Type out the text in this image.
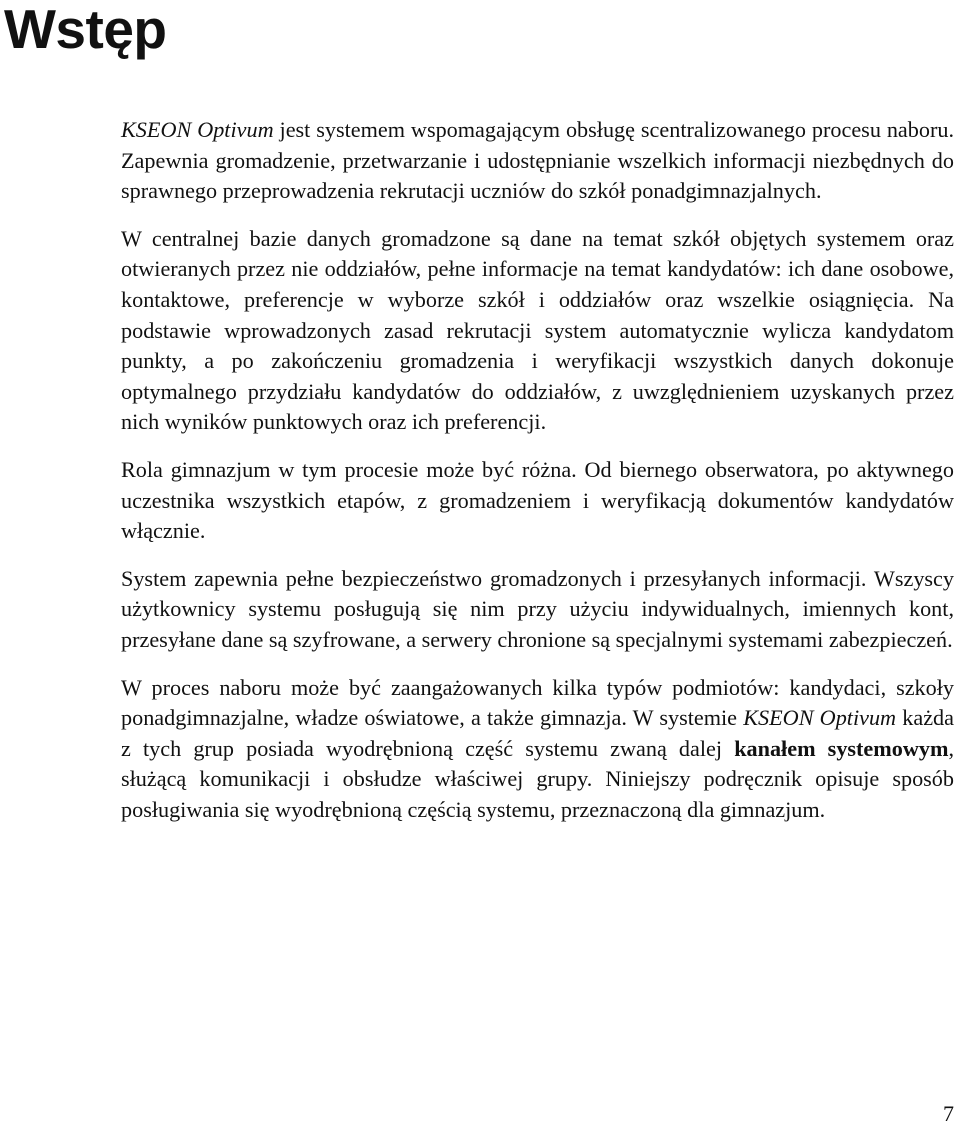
Wstęp

KSEON Optivum jest systemem wspomagającym obsługę scentralizowanego procesu naboru. Zapewnia gromadzenie, przetwarzanie i udostępnianie wszelkich informacji niezbędnych do sprawnego przeprowadzenia rekrutacji uczniów do szkół ponadgimnazjalnych.

W centralnej bazie danych gromadzone są dane na temat szkół objętych systemem oraz otwieranych przez nie oddziałów, pełne informacje na temat kandydatów: ich dane osobowe, kontaktowe, preferencje w wyborze szkół i oddziałów oraz wszelkie osiągnięcia. Na podstawie wprowadzonych zasad rekrutacji system automatycznie wylicza kandydatom punkty, a po zakończeniu gromadzenia i weryfikacji wszystkich danych dokonuje optymalnego przydziału kandydatów do oddziałów, z uwzględnieniem uzyskanych przez nich wyników punktowych oraz ich preferencji.

Rola gimnazjum w tym procesie może być różna. Od biernego obserwatora, po aktywnego uczestnika wszystkich etapów, z gromadzeniem i weryfikacją dokumentów kandydatów włącznie.

System zapewnia pełne bezpieczeństwo gromadzonych i przesyłanych informacji. Wszyscy użytkownicy systemu posługują się nim przy użyciu indywidualnych, imiennych kont, przesyłane dane są szyfrowane, a serwery chronione są specjalnymi systemami zabezpieczeń.

W proces naboru może być zaangażowanych kilka typów podmiotów: kandydaci, szkoły ponadgimnazjalne, władze oświatowe, a także gimnazja. W systemie KSEON Optivum każda z tych grup posiada wyodrębnioną część systemu zwaną dalej kanałem systemowym, służącą komunikacji i obsłudze właściwej grupy. Niniejszy podręcznik opisuje sposób posługiwania się wyodrębnioną częścią systemu, przeznaczoną dla gimnazjum.

7
